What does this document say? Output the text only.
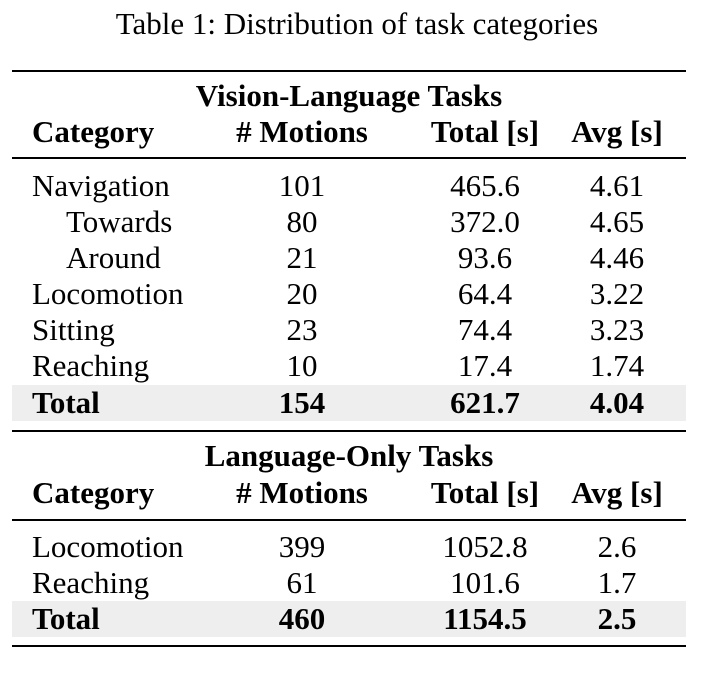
Table 1: Distribution of task categories
Vision-Language Tasks
Category	# Motions	Total [s]	Avg [s]
Navigation	101	465.6	4.61
Towards	80	372.0	4.65
Around	21	93.6	4.46
Locomotion	20	64.4	3.22
Sitting	23	74.4	3.23
Reaching	10	17.4	1.74
Total	154	621.7	4.04
Language-Only Tasks
Category	# Motions	Total [s]	Avg [s]
Locomotion	399	1052.8	2.6
Reaching	61	101.6	1.7
Total	460	1154.5	2.5
